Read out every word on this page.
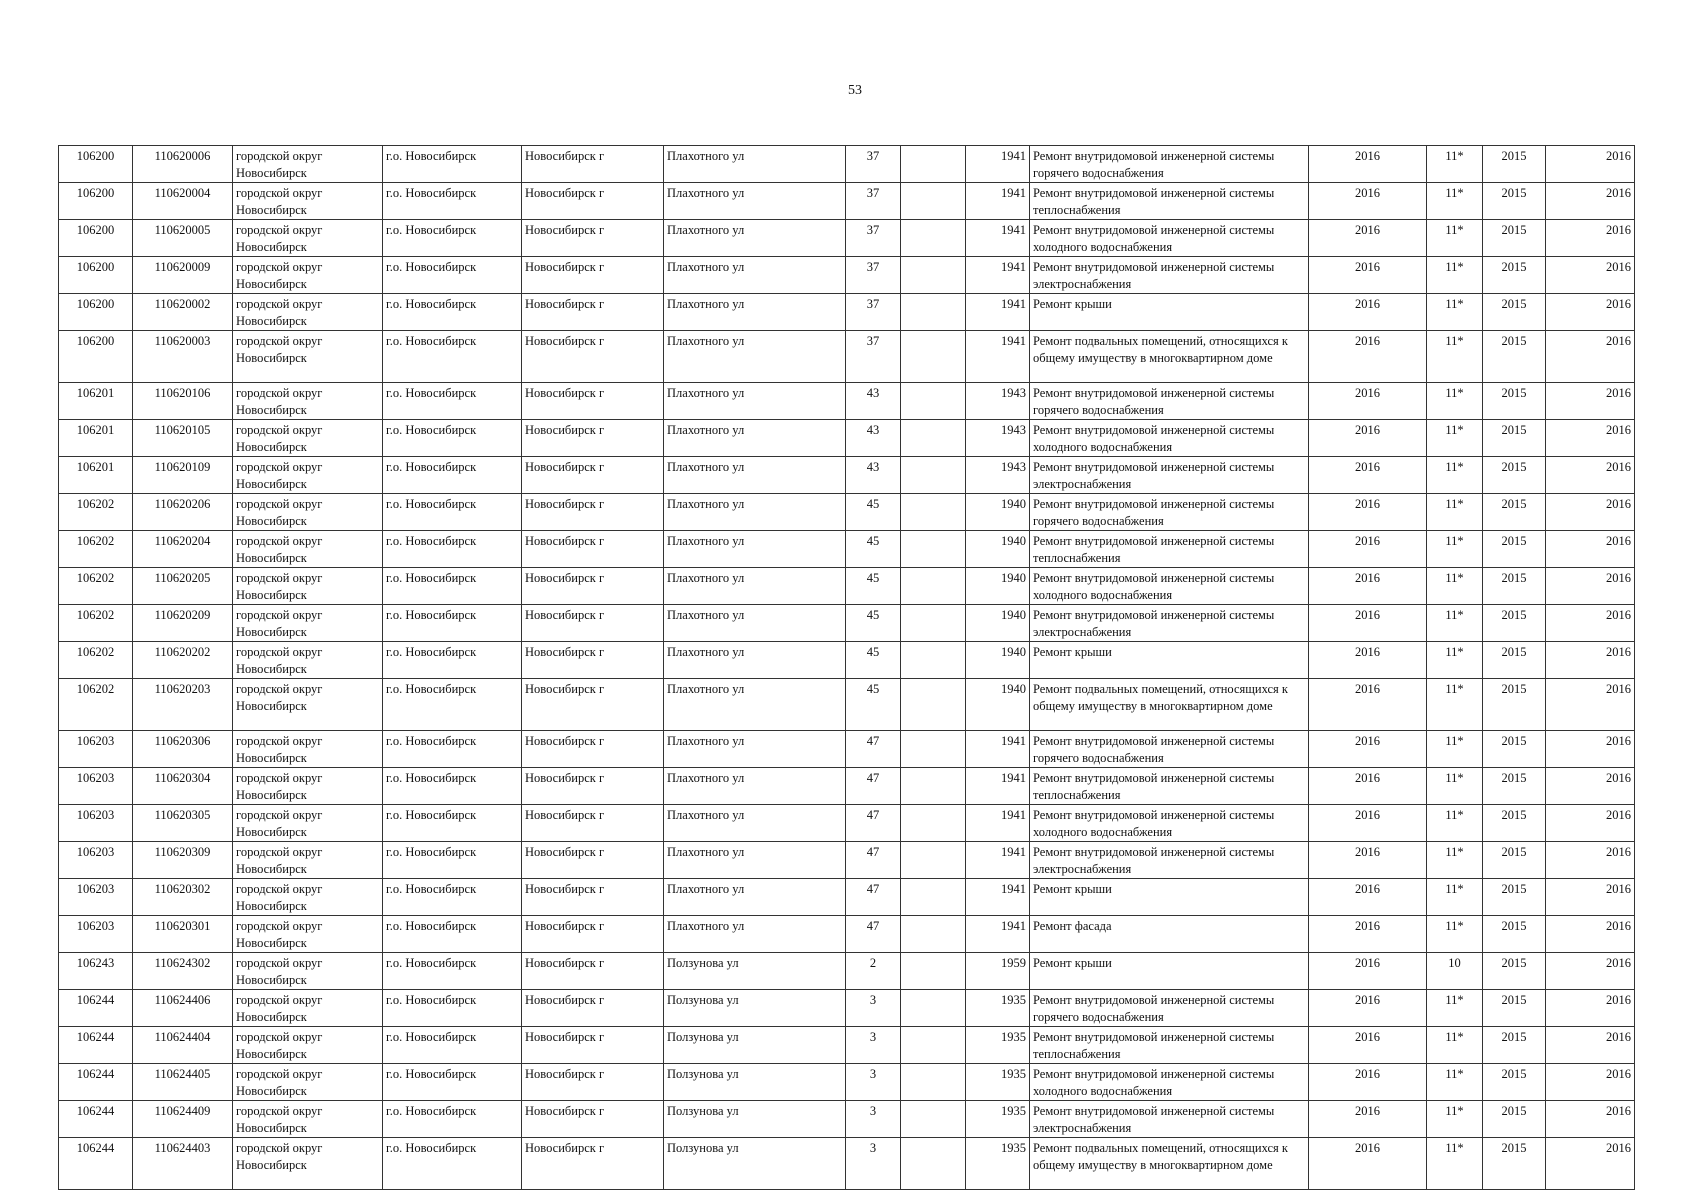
53
106200	110620006	городской округ Новосибирск	г.о. Новосибирск	Новосибирск г	Плахотного ул	37		1941	Ремонт внутридомовой инженерной системы горячего водоснабжения	2016	11*	2015	2016
106200	110620004	городской округ Новосибирск	г.о. Новосибирск	Новосибирск г	Плахотного ул	37		1941	Ремонт внутридомовой инженерной системы теплоснабжения	2016	11*	2015	2016
106200	110620005	городской округ Новосибирск	г.о. Новосибирск	Новосибирск г	Плахотного ул	37		1941	Ремонт внутридомовой инженерной системы холодного водоснабжения	2016	11*	2015	2016
106200	110620009	городской округ Новосибирск	г.о. Новосибирск	Новосибирск г	Плахотного ул	37		1941	Ремонт внутридомовой инженерной системы электроснабжения	2016	11*	2015	2016
106200	110620002	городской округ Новосибирск	г.о. Новосибирск	Новосибирск г	Плахотного ул	37		1941	Ремонт крыши	2016	11*	2015	2016
106200	110620003	городской округ Новосибирск	г.о. Новосибирск	Новосибирск г	Плахотного ул	37		1941	Ремонт подвальных помещений, относящихся к общему имуществу в многоквартирном доме	2016	11*	2015	2016
106201	110620106	городской округ Новосибирск	г.о. Новосибирск	Новосибирск г	Плахотного ул	43		1943	Ремонт внутридомовой инженерной системы горячего водоснабжения	2016	11*	2015	2016
106201	110620105	городской округ Новосибирск	г.о. Новосибирск	Новосибирск г	Плахотного ул	43		1943	Ремонт внутридомовой инженерной системы холодного водоснабжения	2016	11*	2015	2016
106201	110620109	городской округ Новосибирск	г.о. Новосибирск	Новосибирск г	Плахотного ул	43		1943	Ремонт внутридомовой инженерной системы электроснабжения	2016	11*	2015	2016
106202	110620206	городской округ Новосибирск	г.о. Новосибирск	Новосибирск г	Плахотного ул	45		1940	Ремонт внутридомовой инженерной системы горячего водоснабжения	2016	11*	2015	2016
106202	110620204	городской округ Новосибирск	г.о. Новосибирск	Новосибирск г	Плахотного ул	45		1940	Ремонт внутридомовой инженерной системы теплоснабжения	2016	11*	2015	2016
106202	110620205	городской округ Новосибирск	г.о. Новосибирск	Новосибирск г	Плахотного ул	45		1940	Ремонт внутридомовой инженерной системы холодного водоснабжения	2016	11*	2015	2016
106202	110620209	городской округ Новосибирск	г.о. Новосибирск	Новосибирск г	Плахотного ул	45		1940	Ремонт внутридомовой инженерной системы электроснабжения	2016	11*	2015	2016
106202	110620202	городской округ Новосибирск	г.о. Новосибирск	Новосибирск г	Плахотного ул	45		1940	Ремонт крыши	2016	11*	2015	2016
106202	110620203	городской округ Новосибирск	г.о. Новосибирск	Новосибирск г	Плахотного ул	45		1940	Ремонт подвальных помещений, относящихся к общему имуществу в многоквартирном доме	2016	11*	2015	2016
106203	110620306	городской округ Новосибирск	г.о. Новосибирск	Новосибирск г	Плахотного ул	47		1941	Ремонт внутридомовой инженерной системы горячего водоснабжения	2016	11*	2015	2016
106203	110620304	городской округ Новосибирск	г.о. Новосибирск	Новосибирск г	Плахотного ул	47		1941	Ремонт внутридомовой инженерной системы теплоснабжения	2016	11*	2015	2016
106203	110620305	городской округ Новосибирск	г.о. Новосибирск	Новосибирск г	Плахотного ул	47		1941	Ремонт внутридомовой инженерной системы холодного водоснабжения	2016	11*	2015	2016
106203	110620309	городской округ Новосибирск	г.о. Новосибирск	Новосибирск г	Плахотного ул	47		1941	Ремонт внутридомовой инженерной системы электроснабжения	2016	11*	2015	2016
106203	110620302	городской округ Новосибирск	г.о. Новосибирск	Новосибирск г	Плахотного ул	47		1941	Ремонт крыши	2016	11*	2015	2016
106203	110620301	городской округ Новосибирск	г.о. Новосибирск	Новосибирск г	Плахотного ул	47		1941	Ремонт фасада	2016	11*	2015	2016
106243	110624302	городской округ Новосибирск	г.о. Новосибирск	Новосибирск г	Ползунова ул	2		1959	Ремонт крыши	2016	10	2015	2016
106244	110624406	городской округ Новосибирск	г.о. Новосибирск	Новосибирск г	Ползунова ул	3		1935	Ремонт внутридомовой инженерной системы горячего водоснабжения	2016	11*	2015	2016
106244	110624404	городской округ Новосибирск	г.о. Новосибирск	Новосибирск г	Ползунова ул	3		1935	Ремонт внутридомовой инженерной системы теплоснабжения	2016	11*	2015	2016
106244	110624405	городской округ Новосибирск	г.о. Новосибирск	Новосибирск г	Ползунова ул	3		1935	Ремонт внутридомовой инженерной системы холодного водоснабжения	2016	11*	2015	2016
106244	110624409	городской округ Новосибирск	г.о. Новосибирск	Новосибирск г	Ползунова ул	3		1935	Ремонт внутридомовой инженерной системы электроснабжения	2016	11*	2015	2016
106244	110624403	городской округ Новосибирск	г.о. Новосибирск	Новосибирск г	Ползунова ул	3		1935	Ремонт подвальных помещений, относящихся к общему имуществу в многоквартирном доме	2016	11*	2015	2016
